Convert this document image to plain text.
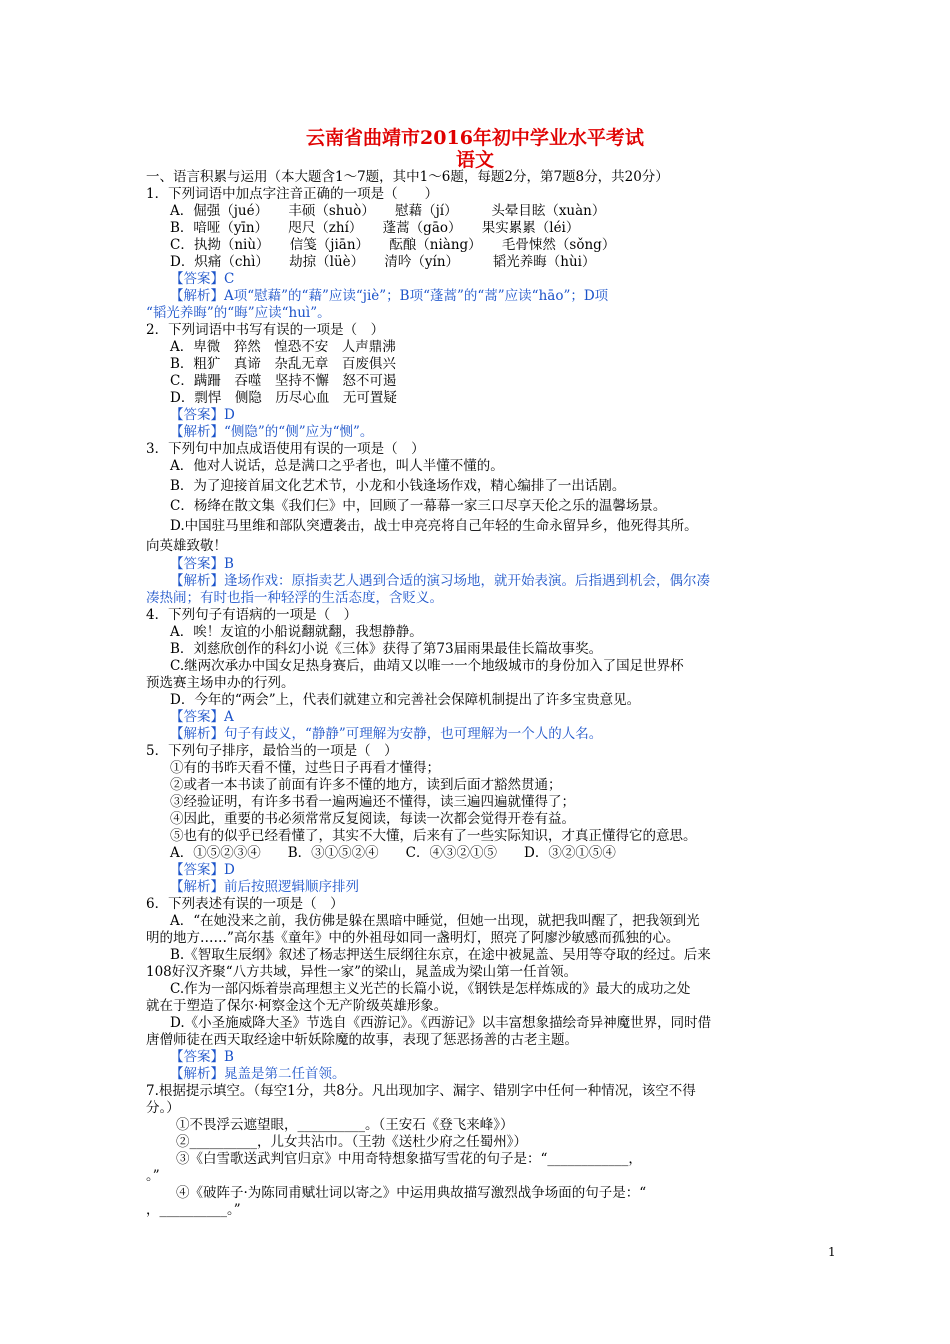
云南省曲靖市2016年初中学业水平考试
语文
一、语言积累与运用（本大题含1～7题，其中1～6题，每题2分，第7题8分，共20分）
1．下列词语中加点字注音正确的一项是（　　）
A．倔强（jué）　　丰硕（shuò）　　慰藉（jí）　　　头晕目眩（xuàn）
B．喑哑（yīn）　　咫尺（zhí）　　蓬蒿（gāo）　　果实累累（léi）
C．执拗（niù）　　信笺（jiān）　　酝酿（niàng）　　毛骨悚然（sǒng）
D．炽痛（chì）　　劫掠（lüè）　　清吟（yín）　　　韬光养晦（hùi）
【答案】C
【解析】A项“慰藉”的“藉”应读“jiè”；B项“蓬蒿”的“蒿”应读“hāo”；D项
“韬光养晦”的“晦”应读“huì”。
2．下列词语中书写有误的一项是（　）
A．卑微　猝然　惶恐不安　人声鼎沸
B．粗犷　真谛　杂乱无章　百废俱兴
C．蹒跚　吞噬　坚持不懈　怒不可遏
D．剽悍　侧隐　历尽心血　无可置疑
【答案】D
【解析】“侧隐”的“侧”应为“恻”。
3．下列句中加点成语使用有误的一项是（　）
A．他对人说话，总是满口之乎者也，叫人半懂不懂的。
B．为了迎接首届文化艺术节，小龙和小钱逢场作戏，精心编排了一出话剧。
C．杨绛在散文集《我们仨》中，回顾了一幕幕一家三口尽享天伦之乐的温馨场景。
D.中国驻马里维和部队突遭袭击，战士申亮亮将自己年轻的生命永留异乡，他死得其所。
向英雄致敬！
【答案】B
【解析】逢场作戏：原指卖艺人遇到合适的演习场地，就开始表演。后指遇到机会，偶尔凑
凑热闹；有时也指一种轻浮的生活态度，含贬义。
4．下列句子有语病的一项是（　）
A．唉！友谊的小船说翻就翻，我想静静。
B．刘慈欣创作的科幻小说《三体》获得了第73届雨果最佳长篇故事奖。
C.继两次承办中国女足热身赛后，曲靖又以唯一一个地级城市的身份加入了国足世界杯
预选赛主场申办的行列。
D．今年的“两会”上，代表们就建立和完善社会保障机制提出了许多宝贵意见。
【答案】A
【解析】句子有歧义，“静静”可理解为安静，也可理解为一个人的人名。
5．下列句子排序，最恰当的一项是（　）
①有的书昨天看不懂，过些日子再看才懂得；
②或者一本书读了前面有许多不懂的地方，读到后面才豁然贯通；
③经验证明，有许多书看一遍两遍还不懂得，读三遍四遍就懂得了；
④因此，重要的书必须常常反复阅读，每读一次都会觉得开卷有益。
⑤也有的似乎已经看懂了，其实不大懂，后来有了一些实际知识，才真正懂得它的意思。
A．①⑤②③④　　B．③①⑤②④　　C．④③②①⑤　　D．③②①⑤④
【答案】D
【解析】前后按照逻辑顺序排列
6．下列表述有误的一项是（　）
A．“在她没来之前，我仿佛是躲在黑暗中睡觉，但她一出现，就把我叫醒了，把我领到光
明的地方……”高尔基《童年》中的外祖母如同一盏明灯，照亮了阿廖沙敏感而孤独的心。
B.《智取生辰纲》叙述了杨志押送生辰纲往东京，在途中被晁盖、吴用等夺取的经过。后来
108好汉齐聚“八方共域，异性一家”的梁山，晁盖成为梁山第一任首领。
C.作为一部闪烁着崇高理想主义光芒的长篇小说，《钢铁是怎样炼成的》最大的成功之处
就在于塑造了保尔·柯察金这个无产阶级英雄形象。
D.《小圣施威降大圣》节选自《西游记》。《西游记》以丰富想象描绘奇异神魔世界，同时借
唐僧师徒在西天取经途中斩妖除魔的故事，表现了惩恶扬善的古老主题。
【答案】B
【解析】晁盖是第二任首领。
7.根据提示填空。（每空1分，共8分。凡出现加字、漏字、错别字中任何一种情况，该空不得
分。）
①不畏浮云遮望眼，__________。（王安石《登飞来峰》）
②__________，儿女共沾巾。（王勃《送杜少府之任蜀州》）
③《白雪歌送武判官归京》中用奇特想象描写雪花的句子是：“____________，
。”
④《破阵子·为陈同甫赋壮词以寄之》中运用典故描写激烈战争场面的句子是：“
，__________。”
1
